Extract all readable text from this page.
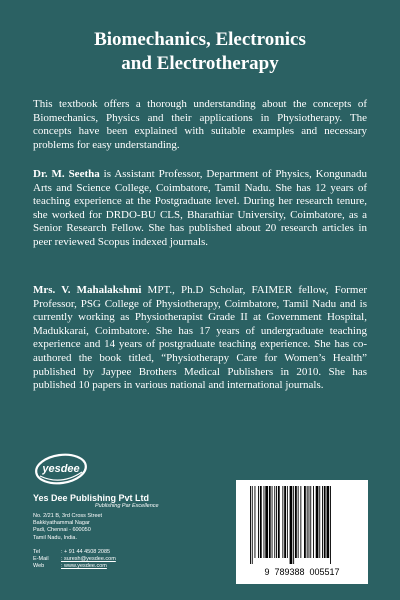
Biomechanics, Electronics
and Electrotherapy

This textbook offers a thorough understanding about the concepts of Biomechanics, Physics and their applications in Physiotherapy. The concepts have been explained with suitable examples and necessary problems for easy understanding.

Dr. M. Seetha is Assistant Professor, Department of Physics, Kongunadu Arts and Science College, Coimbatore, Tamil Nadu. She has 12 years of teaching experience at the Postgraduate level. During her research tenure, she worked for DRDO-BU CLS, Bharathiar University, Coimbatore, as a Senior Research Fellow. She has published about 20 research articles in peer reviewed Scopus indexed journals.

Mrs. V. Mahalakshmi MPT., Ph.D Scholar, FAIMER fellow, Former Professor, PSG College of Physiotherapy, Coimbatore, Tamil Nadu and is currently working as Physiotherapist Grade II at Government Hospital, Madukkarai, Coimbatore. She has 17 years of undergraduate teaching experience and 14 years of postgraduate teaching experience. She has co-authored the book titled, “Physiotherapy Care for Women’s Health” published by Jaypee Brothers Medical Publishers in 2010. She has published 10 papers in various national and international journals.

yesdee

Yes Dee Publishing Pvt Ltd

Publishing Par Excellence

No. 2/21 B, 3rd Cross Street
Bakkiyathammal Nagar
Padi, Chennai - 600050
Tamil Nadu, India.

Tel	: + 91 44 4508 2085
E-Mail	: suresh@yesdee.com
Web	: www.yesdee.com
9 789388 005517
